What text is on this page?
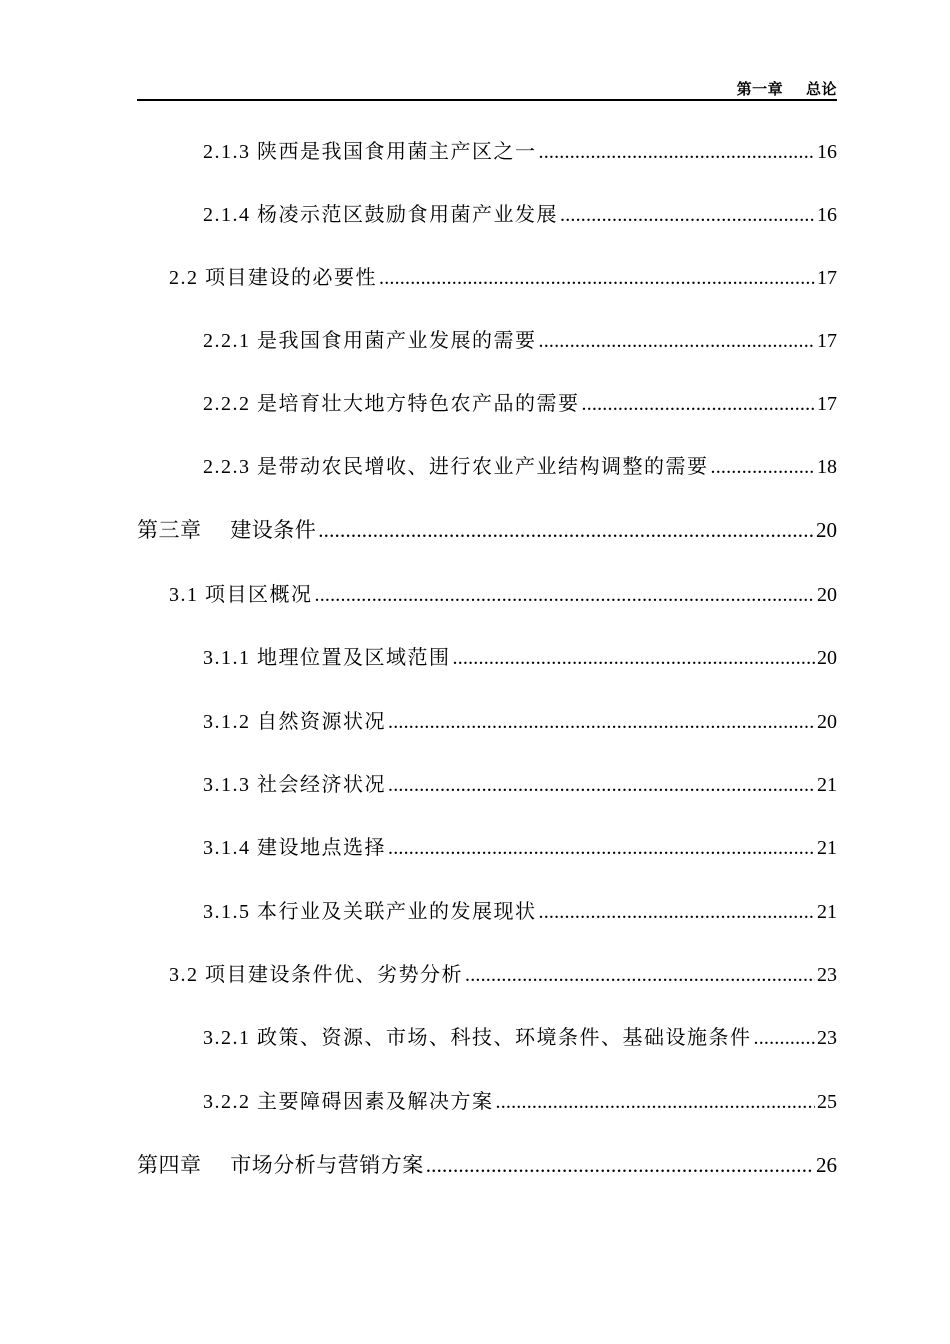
第一章    总论
2.1.3 陕西是我国食用菌主产区之一 .....	16
2.1.4 杨凌示范区鼓励食用菌产业发展 .....	16
2.2 项目建设的必要性 .....	17
2.2.1 是我国食用菌产业发展的需要 .....	17
2.2.2 是培育壮大地方特色农产品的需要 .....	17
2.2.3 是带动农民增收、进行农业产业结构调整的需要 .....	18
第三章    建设条件 .....	20
3.1 项目区概况 .....	20
3.1.1 地理位置及区域范围 .....	20
3.1.2 自然资源状况 .....	20
3.1.3 社会经济状况 .....	21
3.1.4 建设地点选择 .....	21
3.1.5 本行业及关联产业的发展现状 .....	21
3.2 项目建设条件优、劣势分析 .....	23
3.2.1 政策、资源、市场、科技、环境条件、基础设施条件 .....	23
3.2.2 主要障碍因素及解决方案 .....	25
第四章    市场分析与营销方案 .....	26
